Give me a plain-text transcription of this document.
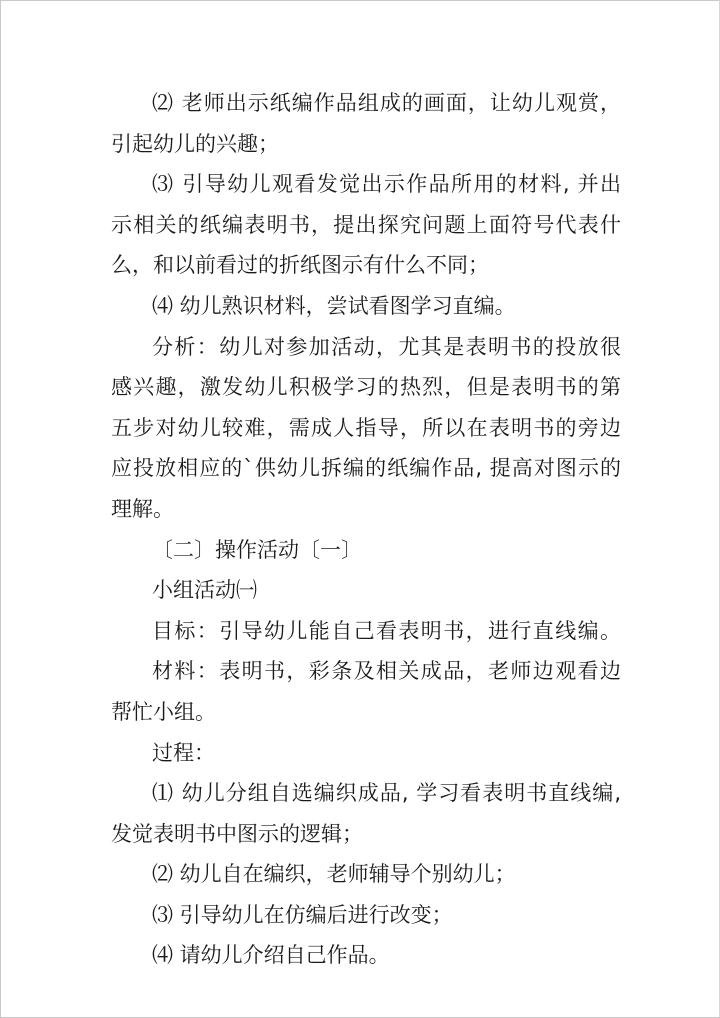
⑵ 老师出示纸编作品组成的画面，让幼儿观赏，
引起幼儿的兴趣；
⑶ 引导幼儿观看发觉出示作品所用的材料, 并出
示相关的纸编表明书，提出探究问题上面符号代表什
么，和以前看过的折纸图示有什么不同；
⑷ 幼儿熟识材料，尝试看图学习直编。
分析：幼儿对参加活动，尤其是表明书的投放很
感兴趣，激发幼儿积极学习的热烈，但是表明书的第
五步对幼儿较难，需成人指导，所以在表明书的旁边
应投放相应的`供幼儿拆编的纸编作品, 提高对图示的
理解。
〔二〕操作活动〔一〕
小组活动㈠
目标：引导幼儿能自己看表明书，进行直线编。
材料：表明书，彩条及相关成品，老师边观看边
帮忙小组。
过程：
⑴ 幼儿分组自选编织成品, 学习看表明书直线编,
发觉表明书中图示的逻辑；
⑵ 幼儿自在编织，老师辅导个别幼儿；
⑶ 引导幼儿在仿编后进行改变；
⑷ 请幼儿介绍自己作品。
